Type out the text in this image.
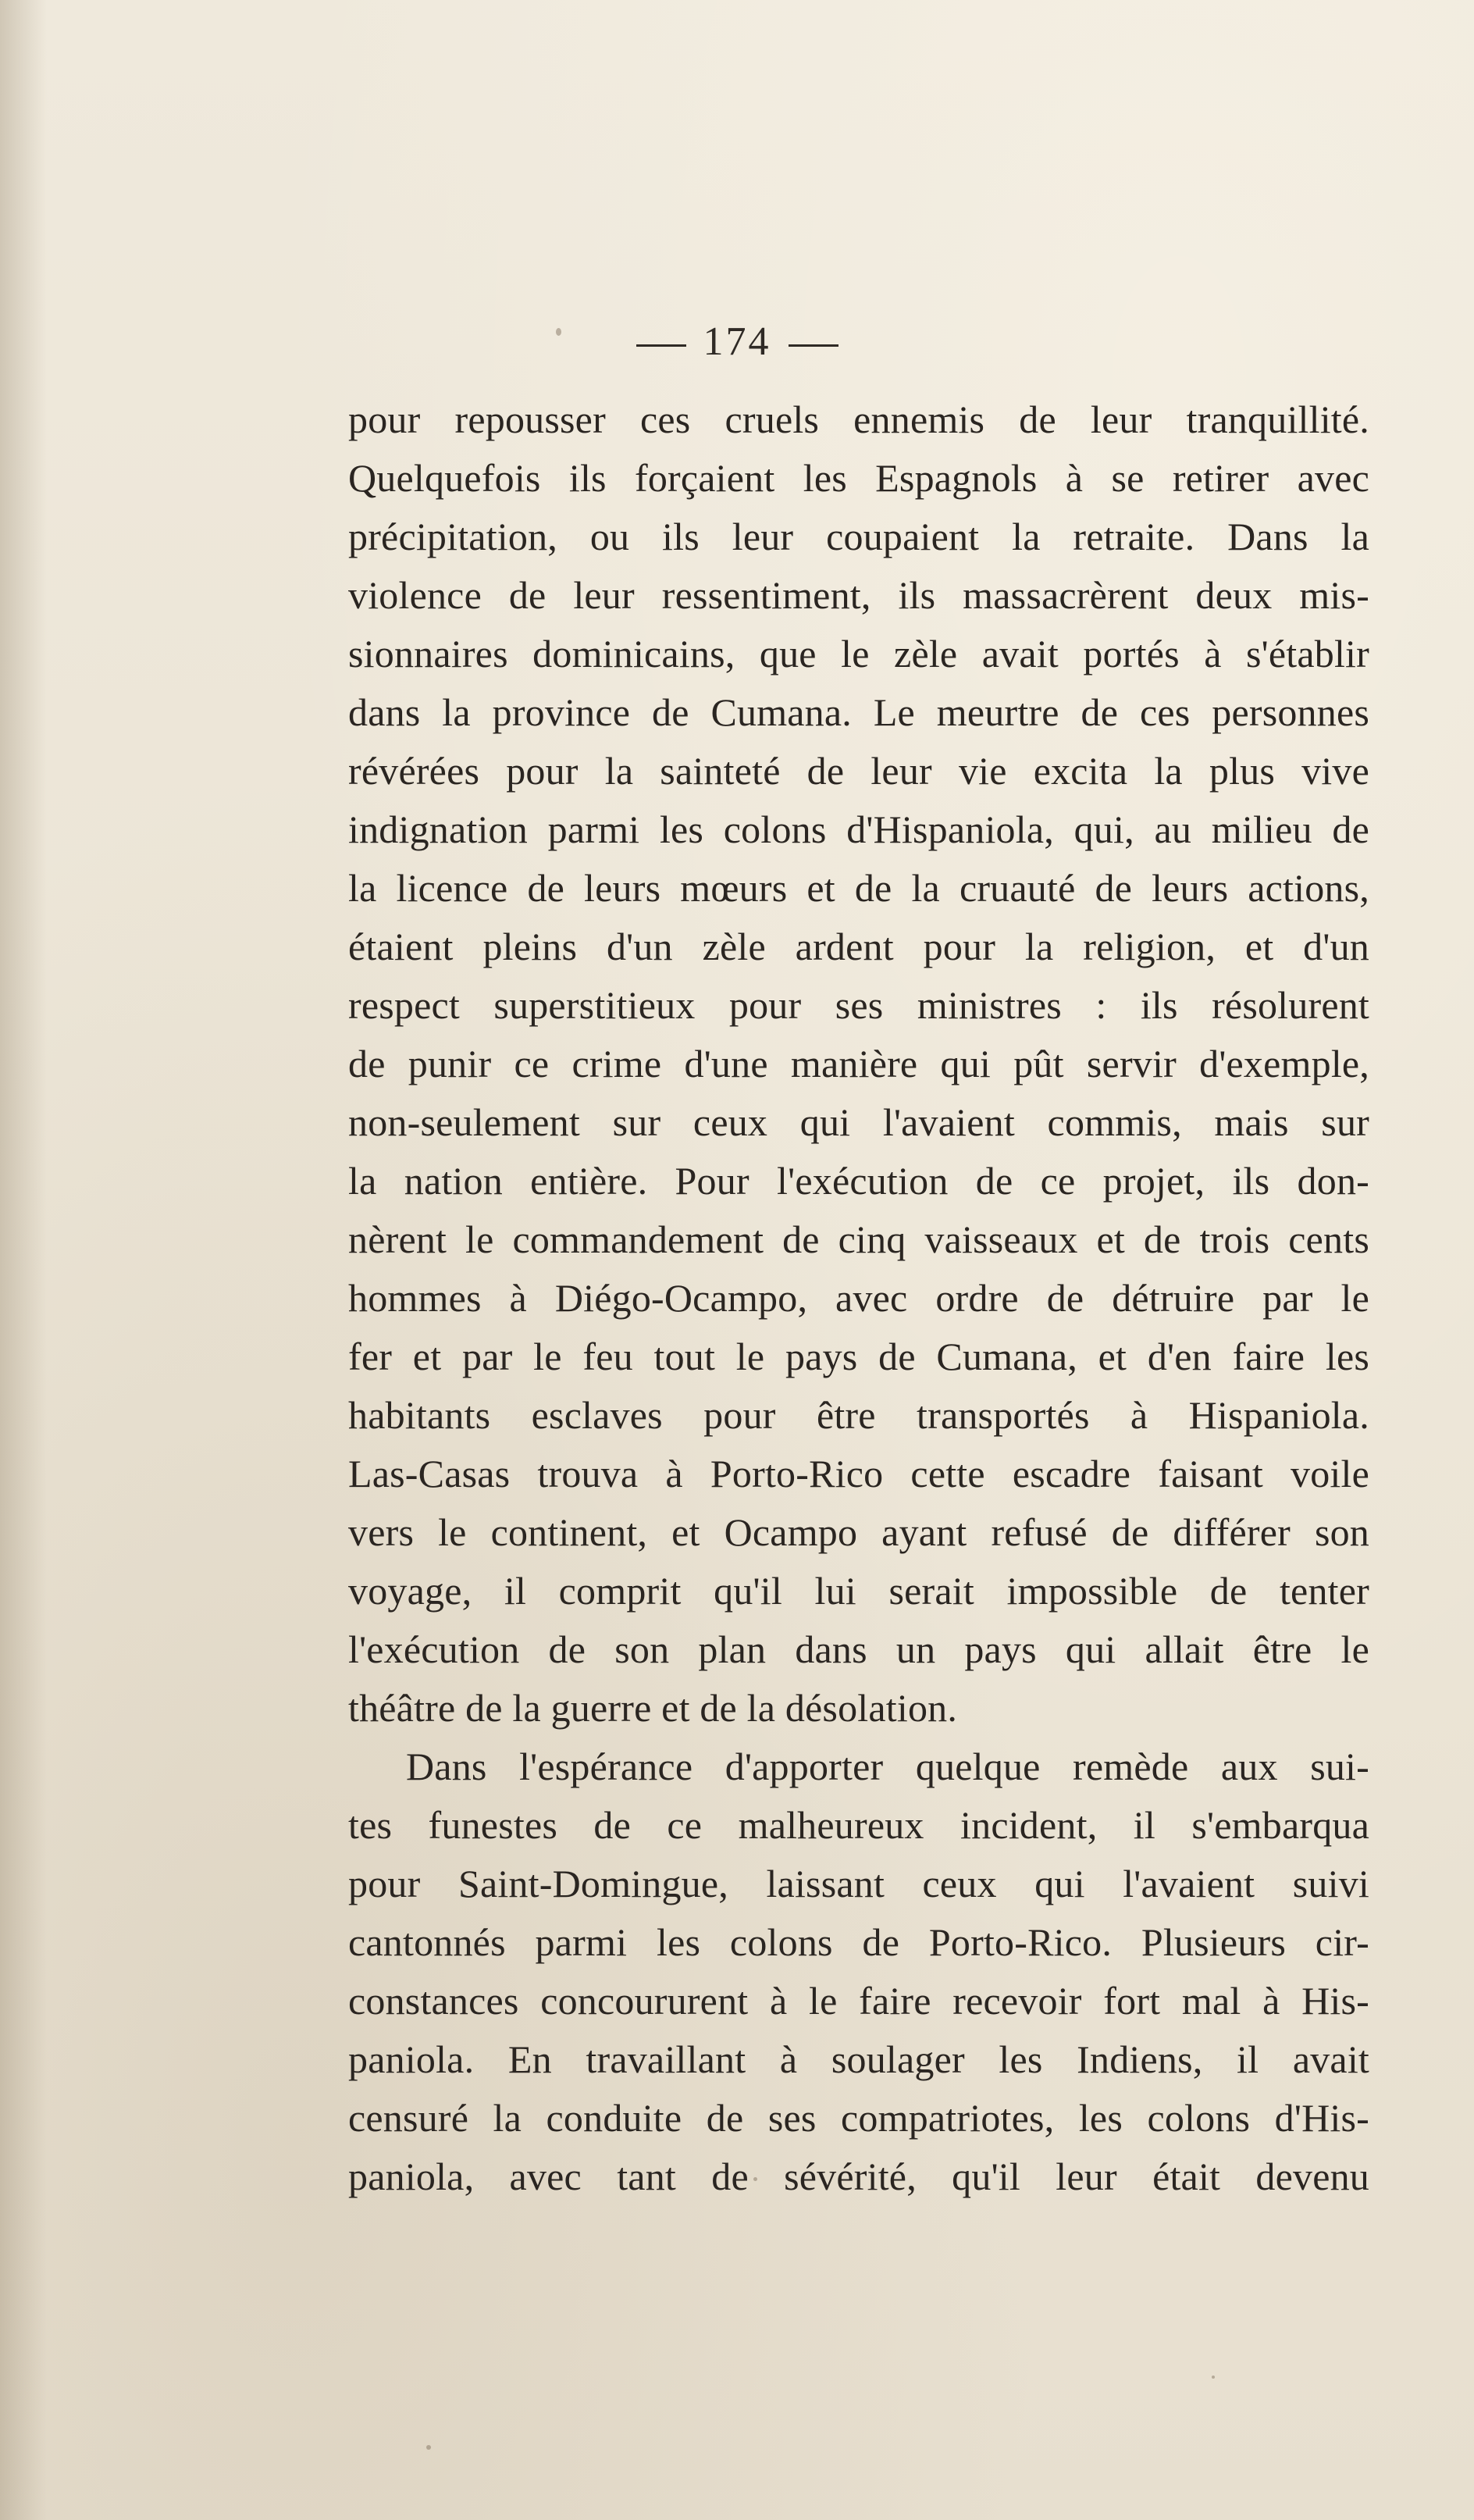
174
pour repousser ces cruels ennemis de leur tranquillité.
Quelquefois ils forçaient les Espagnols à se retirer avec
précipitation, ou ils leur coupaient la retraite. Dans la
violence de leur ressentiment, ils massacrèrent deux mis-
sionnaires dominicains, que le zèle avait portés à s'établir
dans la province de Cumana. Le meurtre de ces personnes
révérées pour la sainteté de leur vie excita la plus vive
indignation parmi les colons d'Hispaniola, qui, au milieu de
la licence de leurs mœurs et de la cruauté de leurs actions,
étaient pleins d'un zèle ardent pour la religion, et d'un
respect superstitieux pour ses ministres : ils résolurent
de punir ce crime d'une manière qui pût servir d'exemple,
non-seulement sur ceux qui l'avaient commis, mais sur
la nation entière. Pour l'exécution de ce projet, ils don-
nèrent le commandement de cinq vaisseaux et de trois cents
hommes à Diégo-Ocampo, avec ordre de détruire par le
fer et par le feu tout le pays de Cumana, et d'en faire les
habitants esclaves pour être transportés à Hispaniola.
Las-Casas trouva à Porto-Rico cette escadre faisant voile
vers le continent, et Ocampo ayant refusé de différer son
voyage, il comprit qu'il lui serait impossible de tenter
l'exécution de son plan dans un pays qui allait être le
théâtre de la guerre et de la désolation.
Dans l'espérance d'apporter quelque remède aux sui-
tes funestes de ce malheureux incident, il s'embarqua
pour Saint-Domingue, laissant ceux qui l'avaient suivi
cantonnés parmi les colons de Porto-Rico. Plusieurs cir-
constances concoururent à le faire recevoir fort mal à His-
paniola. En travaillant à soulager les Indiens, il avait
censuré la conduite de ses compatriotes, les colons d'His-
paniola, avec tant de sévérité, qu'il leur était devenu
